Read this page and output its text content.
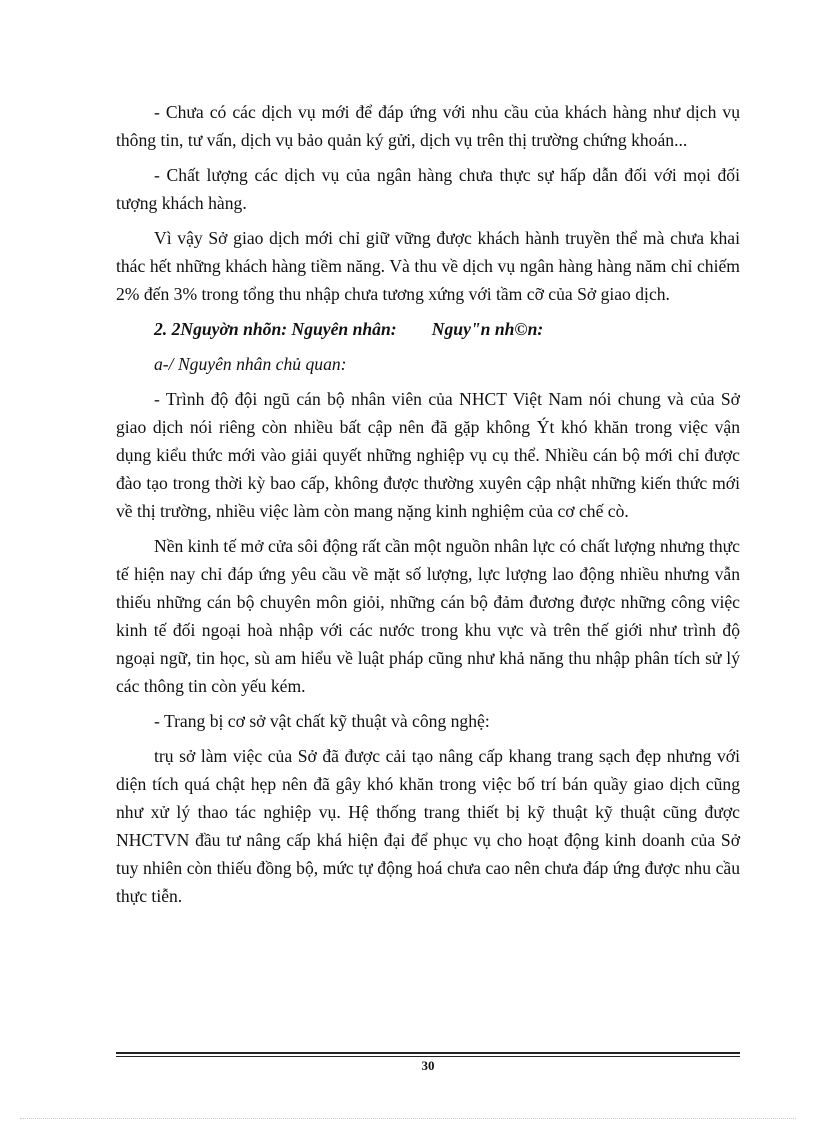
- Chưa có các dịch vụ mới để đáp ứng với nhu cầu của khách hàng như dịch vụ thông tin, tư vấn, dịch vụ bảo quản ký gửi, dịch vụ trên thị trường chứng khoán...

- Chất lượng các dịch vụ của ngân hàng chưa thực sự hấp dẫn đối với mọi đối tượng khách hàng.

Vì vậy Sở giao dịch mới chỉ giữ vững được khách hành truyền thể mà chưa khai thác hết những khách hàng tiềm năng. Và thu về dịch vụ ngân hàng hàng năm chỉ chiếm 2% đến 3% trong tổng thu nhập chưa tương xứng với tầm cỡ của Sở giao dịch.

2. 2Nguyờn nhõn: Nguyên nhân:        Nguy"n nh©n:

a-/ Nguyên nhân chủ quan:

- Trình độ đội ngũ cán bộ nhân viên của NHCT Việt Nam nói chung và của Sở giao dịch nói riêng còn nhiều bất cập nên đã gặp không Ýt khó khăn trong việc vận dụng kiểu thức mới vào giải quyết những nghiệp vụ cụ thể. Nhiều cán bộ mới chỉ được đào tạo trong thời kỳ bao cấp, không được thường xuyên cập nhật những kiến thức mới về thị trường, nhiều việc làm còn mang nặng kinh nghiệm của cơ chế cò.

Nền kinh tế mở cửa sôi động rất cần một nguồn nhân lực có chất lượng nhưng thực tế hiện nay chỉ đáp ứng yêu cầu về mặt số lượng, lực lượng lao động nhiều nhưng vẫn thiếu những cán bộ chuyên môn giỏi, những cán bộ đảm đương được những công việc kinh tế đối ngoại hoà nhập với các nước trong khu vực và trên thế giới như trình độ ngoại ngữ, tin học, sù am hiểu về luật pháp cũng như khả năng thu nhập phân tích sử lý các thông tin còn yếu kém.

- Trang bị cơ sở vật chất kỹ thuật và công nghệ:

trụ sở làm việc của Sở đã được cải tạo nâng cấp khang trang sạch đẹp nhưng với diện tích quá chật hẹp nên đã gây khó khăn trong việc bố trí bán quầy giao dịch cũng như xử lý thao tác nghiệp vụ. Hệ thống trang thiết bị kỹ thuật kỹ thuật cũng được NHCTVN đầu tư nâng cấp khá hiện đại để phục vụ cho hoạt động kinh doanh của Sở tuy nhiên còn thiếu đồng bộ, mức tự động hoá chưa cao nên chưa đáp ứng được nhu cầu thực tiễn.

30
